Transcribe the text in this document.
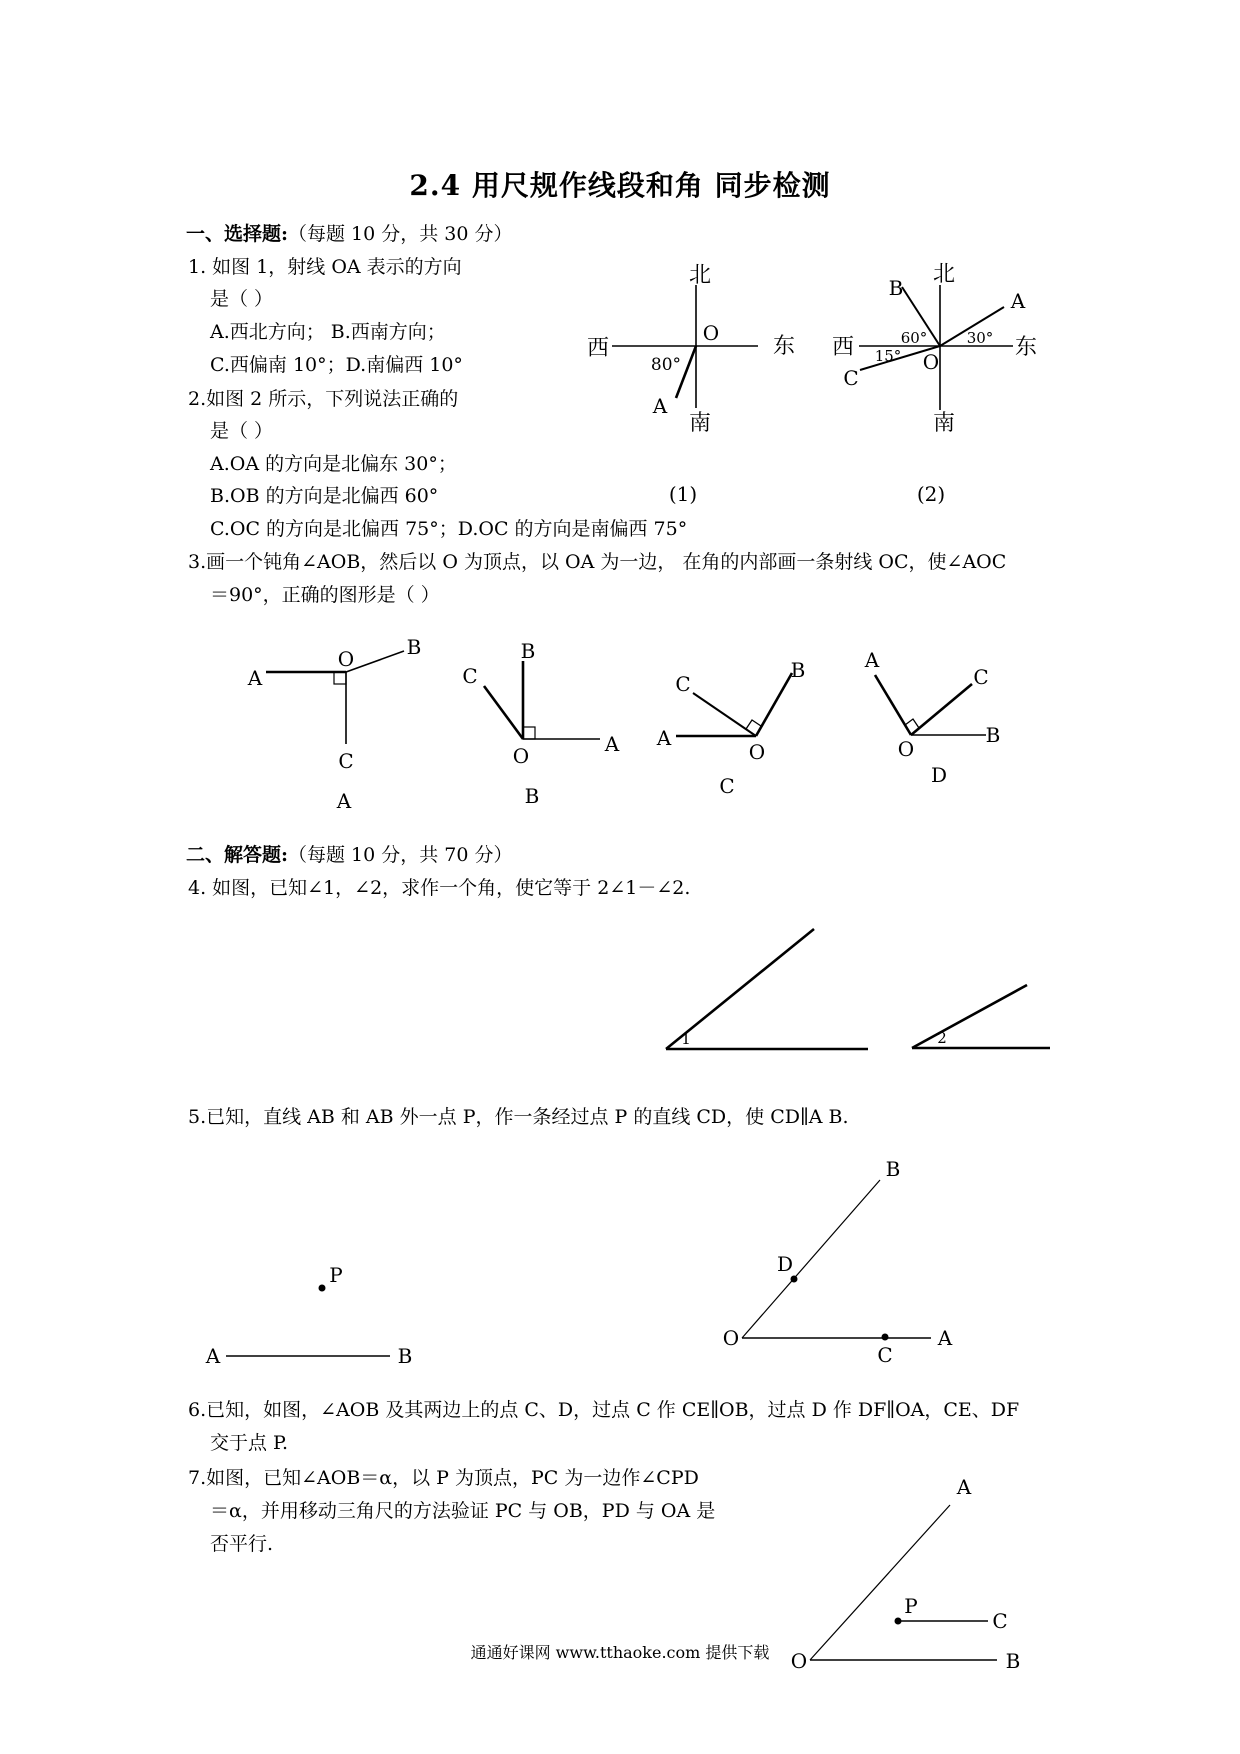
2.4 用尺规作线段和角 同步检测
一、选择题:（每题 10 分，共 30 分）
1. 如图 1，射线 OA 表示的方向
是（ ）
A.西北方向； B.西南方向；
C.西偏南 10°；D.南偏西 10°
2.如图 2 所示，下列说法正确的
是（ ）
A.OA 的方向是北偏东 30°；
B.OB 的方向是北偏西 60°
C.OC 的方向是北偏西 75°；D.OC 的方向是南偏西 75°
3.画一个钝角∠AOB，然后以 O 为顶点，以 OA 为一边， 在角的内部画一条射线 OC，使∠AOC
＝90°，正确的图形是（ ）
二、解答题:（每题 10 分，共 70 分）
4. 如图，已知∠1，∠2，求作一个角，使它等于 2∠1－∠2.
5.已知，直线 AB 和 AB 外一点 P，作一条经过点 P 的直线 CD，使 CD∥A B.
6.已知，如图，∠AOB 及其两边上的点 C、D，过点 C 作 CE∥OB，过点 D 作 DF∥OA，CE、DF
交于点 P.
7.如图，已知∠AOB＝α，以 P 为顶点，PC 为一边作∠CPD
＝α，并用移动三角尺的方法验证 PC 与 OB，PD 与 OA 是
否平行.
通通好课网 www.tthaoke.com 提供下载
北
南
西	东
O
A
80°
(1)
北
南
西	东
O
A
B
C
60°	30°
15°
(2)
A
O	B
C
A
C
B
O	A
B
C
B
A
O
C
A
C
O
B
D
1	2
P
A	B
B
D
O
C
A
A
P
C
O	B
